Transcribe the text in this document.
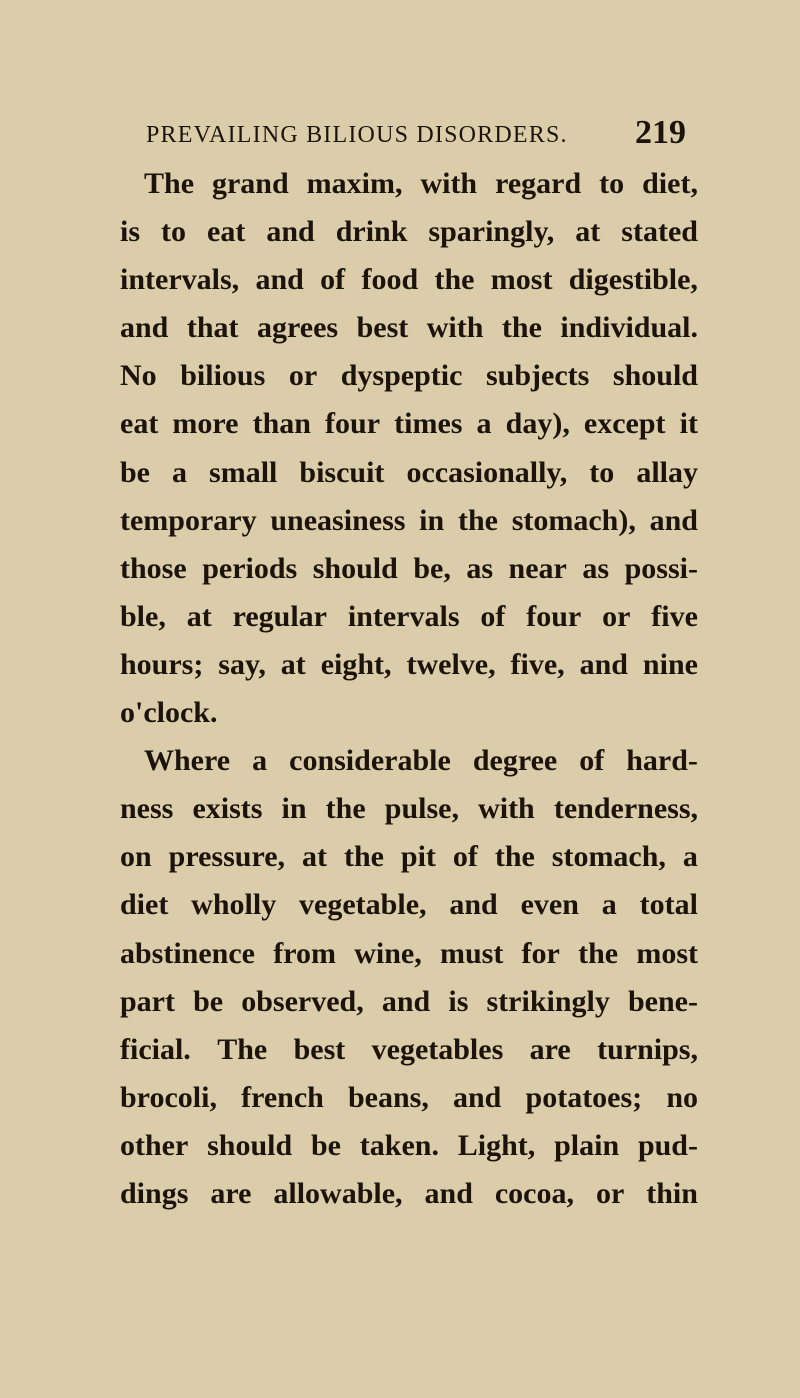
PREVAILING BILIOUS DISORDERS. 219
The grand maxim, with regard to diet,
is to eat and drink sparingly, at stated
intervals, and of food the most digestible,
and that agrees best with the individual.
No bilious or dyspeptic subjects should
eat more than four times a day), except it
be a small biscuit occasionally, to allay
temporary uneasiness in the stomach), and
those periods should be, as near as possi-
ble, at regular intervals of four or five
hours; say, at eight, twelve, five, and nine
o'clock.
Where a considerable degree of hard-
ness exists in the pulse, with tenderness,
on pressure, at the pit of the stomach, a
diet wholly vegetable, and even a total
abstinence from wine, must for the most
part be observed, and is strikingly bene-
ficial. The best vegetables are turnips,
brocoli, french beans, and potatoes; no
other should be taken. Light, plain pud-
dings are allowable, and cocoa, or thin
